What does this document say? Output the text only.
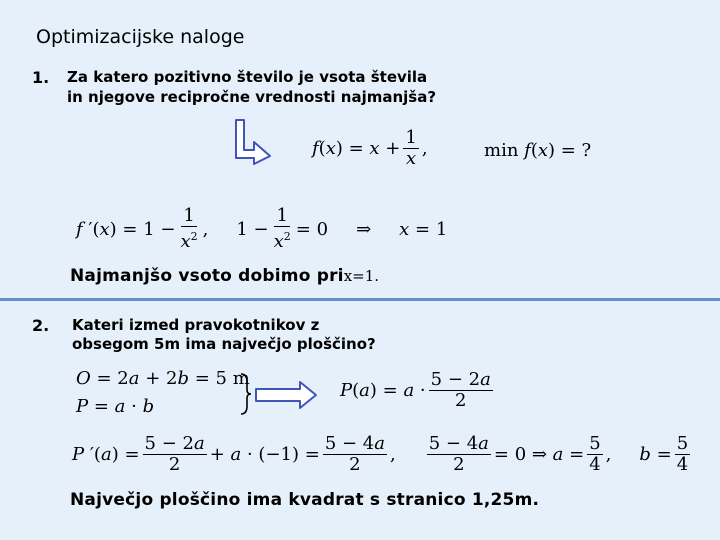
Optimizacijske naloge
1. Za katero pozitivno število je vsota števila
in njegove recipročne vrednosti najmanjša?
$f(x) = x + \frac{1}{x}$ ,	min f(x) = ?
f $'(x) = 1 - \frac{1}{x^2}$ , $1 - \frac{1}{x^2} = 0$ ⇒ x = 1
Najmanjšo vsoto dobimo pri x=1.
2. Kateri izmed pravokotnikov z
obsegom 5m ima največjo ploščino?
O = 2a + 2b = 5 m
P = a · b
$P(a) = a \cdot \frac{5 - 2a}{2}$
P $'(a) = \frac{5 - 2a}{2} + a \cdot (-1) = \frac{5 - 4a}{2}$ , $\frac{5 - 4a}{2} = 0$ ⇒ $a = \frac{5}{4}$ , $b = \frac{5}{4}$
Največjo ploščino ima kvadrat s stranico 1,25m.
